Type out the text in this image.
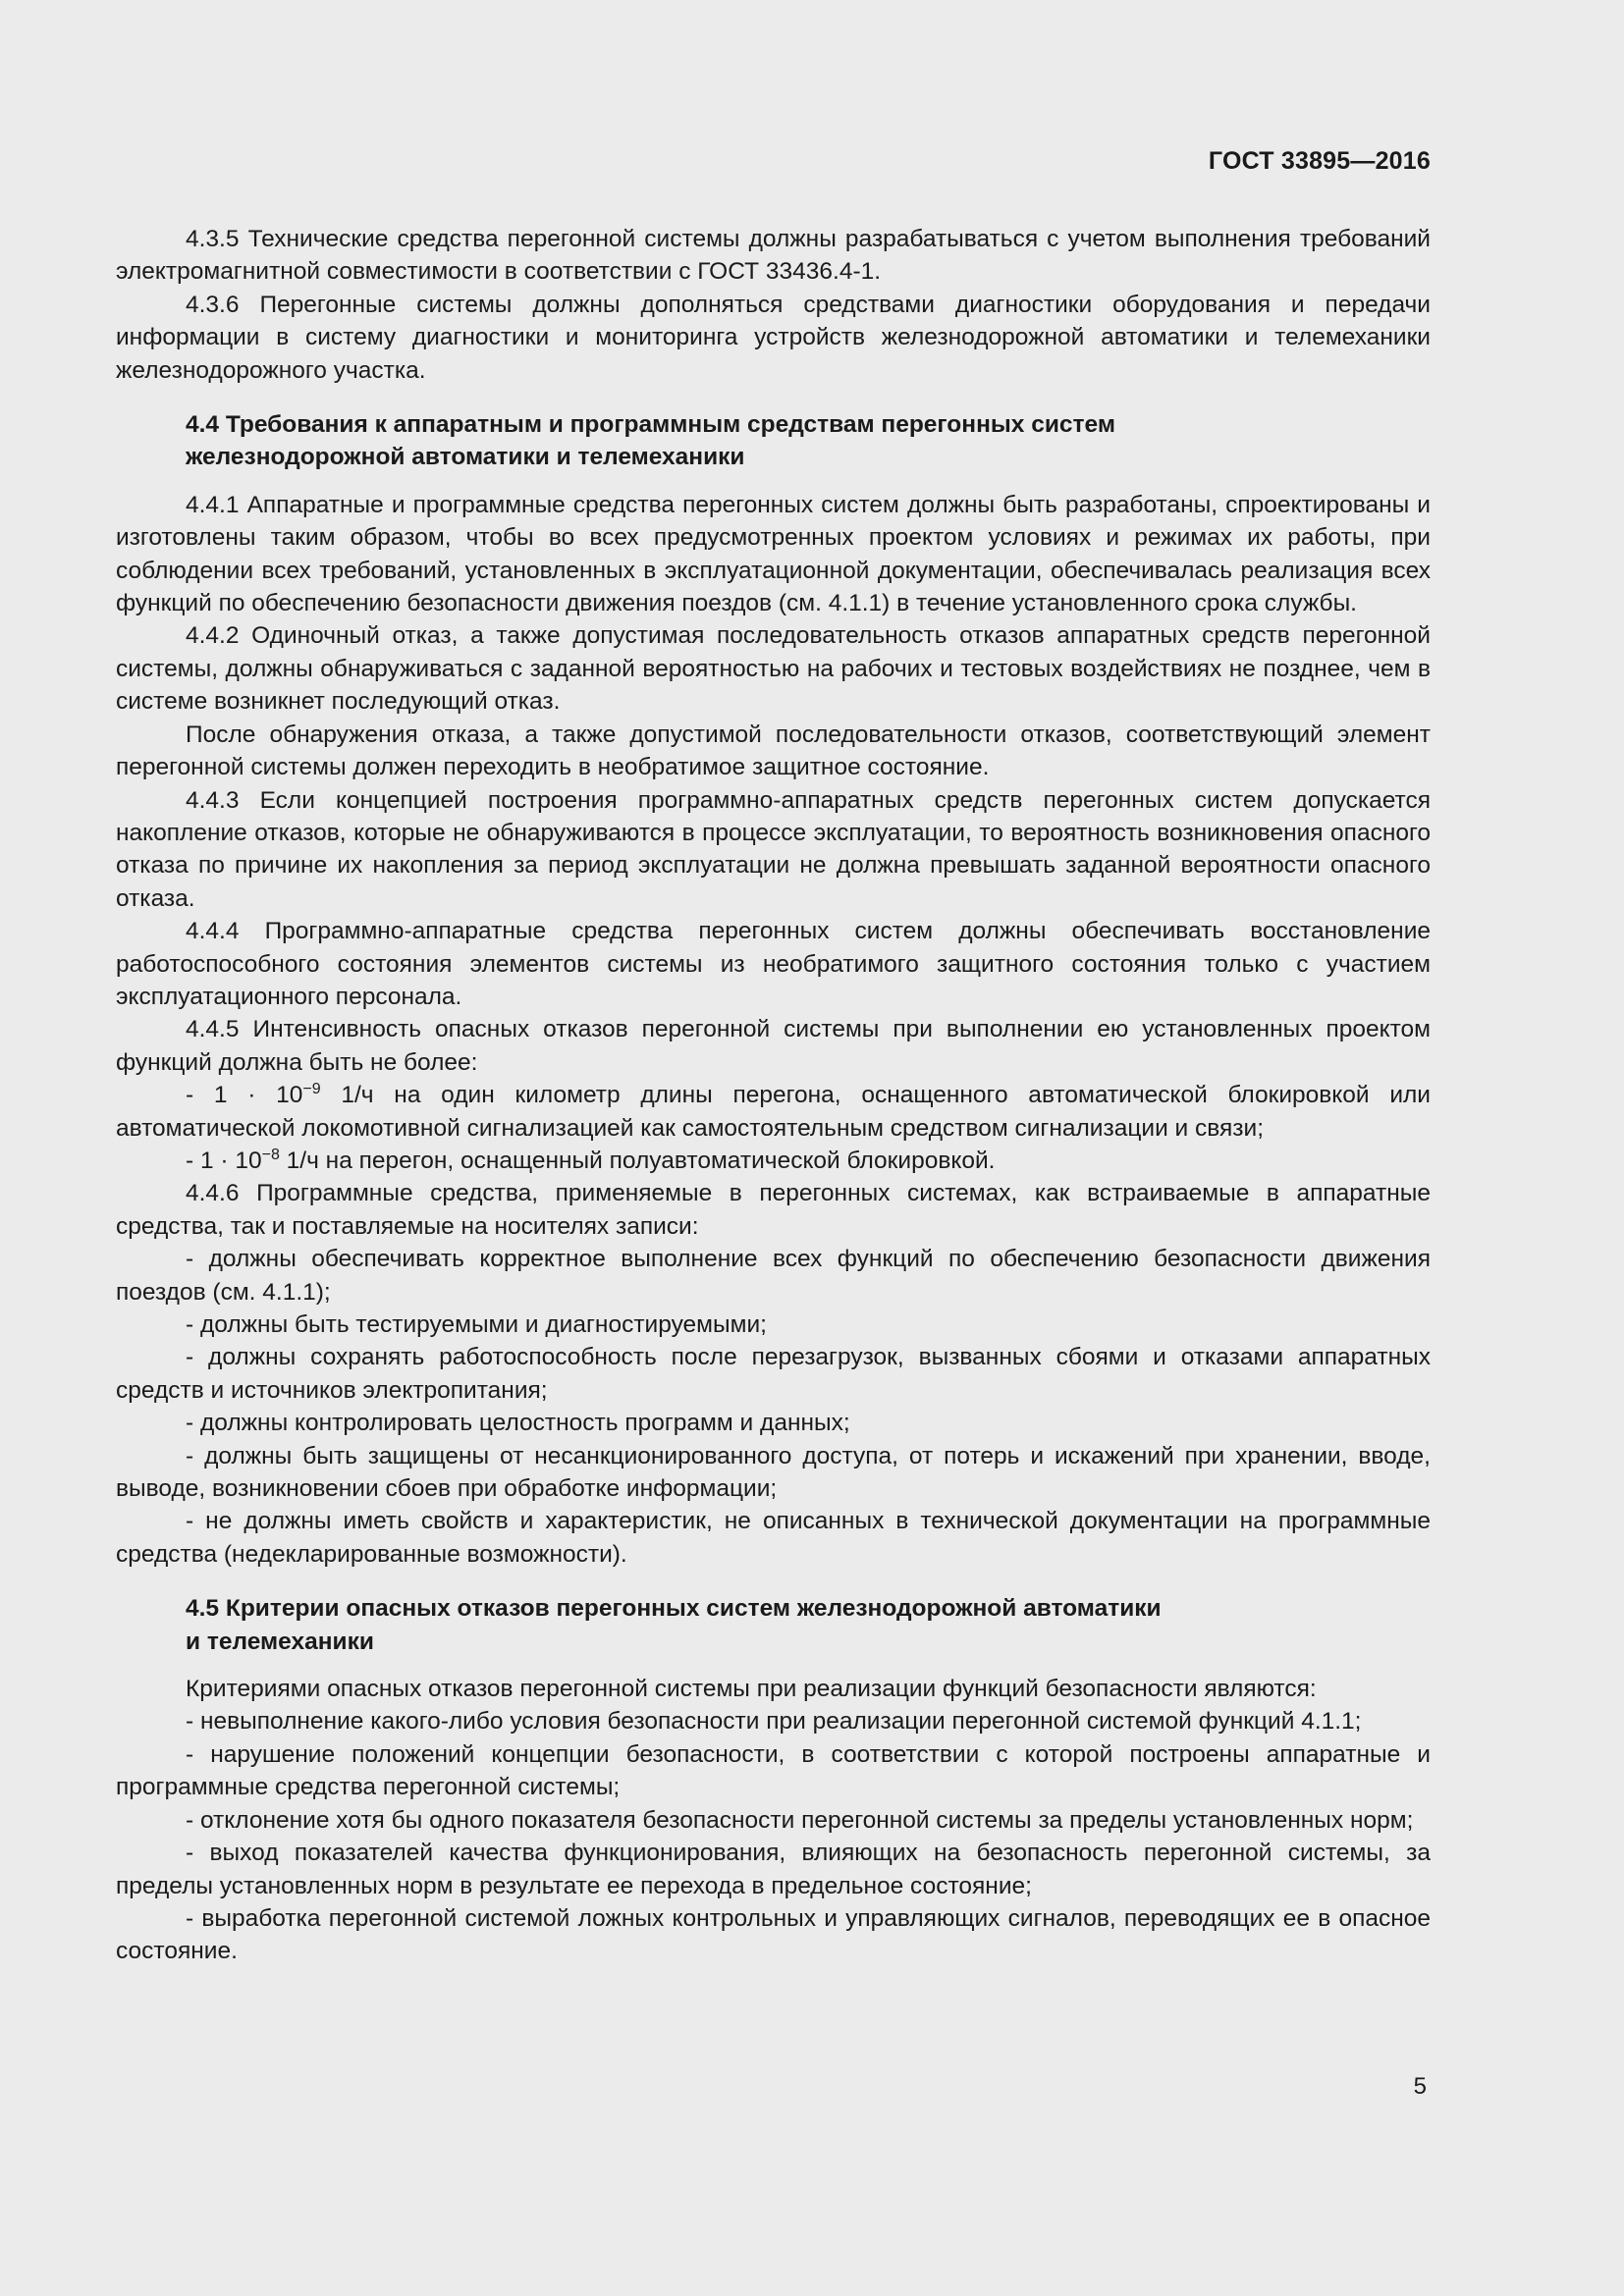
ГОСТ 33895—2016

4.3.5 Технические средства перегонной системы должны разрабатываться с учетом выполнения требований электромагнитной совместимости в соответствии с ГОСТ 33436.4-1.

4.3.6 Перегонные системы должны дополняться средствами диагностики оборудования и передачи информации в систему диагностики и мониторинга устройств железнодорожной автоматики и телемеханики железнодорожного участка.

4.4 Требования к аппаратным и программным средствам перегонных систем
железнодорожной автоматики и телемеханики

4.4.1 Аппаратные и программные средства перегонных систем должны быть разработаны, спроектированы и изготовлены таким образом, чтобы во всех предусмотренных проектом условиях и режимах их работы, при соблюдении всех требований, установленных в эксплуатационной документации, обеспечивалась реализация всех функций по обеспечению безопасности движения поездов (см. 4.1.1) в течение установленного срока службы.

4.4.2 Одиночный отказ, а также допустимая последовательность отказов аппаратных средств перегонной системы, должны обнаруживаться с заданной вероятностью на рабочих и тестовых воздействиях не позднее, чем в системе возникнет последующий отказ.

После обнаружения отказа, а также допустимой последовательности отказов, соответствующий элемент перегонной системы должен переходить в необратимое защитное состояние.

4.4.3 Если концепцией построения программно-аппаратных средств перегонных систем допускается накопление отказов, которые не обнаруживаются в процессе эксплуатации, то вероятность возникновения опасного отказа по причине их накопления за период эксплуатации не должна превышать заданной вероятности опасного отказа.

4.4.4 Программно-аппаратные средства перегонных систем должны обеспечивать восстановление работоспособного состояния элементов системы из необратимого защитного состояния только с участием эксплуатационного персонала.

4.4.5 Интенсивность опасных отказов перегонной системы при выполнении ею установленных проектом функций должна быть не более:

- $1 \cdot 10^{-9}$ 1/ч на один километр длины перегона, оснащенного автоматической блокировкой или автоматической локомотивной сигнализацией как самостоятельным средством сигнализации и связи;

- $1 \cdot 10^{-8}$ 1/ч на перегон, оснащенный полуавтоматической блокировкой.

4.4.6 Программные средства, применяемые в перегонных системах, как встраиваемые в аппаратные средства, так и поставляемые на носителях записи:

- должны обеспечивать корректное выполнение всех функций по обеспечению безопасности движения поездов (см. 4.1.1);

- должны быть тестируемыми и диагностируемыми;

- должны сохранять работоспособность после перезагрузок, вызванных сбоями и отказами аппаратных средств и источников электропитания;

- должны контролировать целостность программ и данных;

- должны быть защищены от несанкционированного доступа, от потерь и искажений при хранении, вводе, выводе, возникновении сбоев при обработке информации;

- не должны иметь свойств и характеристик, не описанных в технической документации на программные средства (недекларированные возможности).

4.5 Критерии опасных отказов перегонных систем железнодорожной автоматики
и телемеханики

Критериями опасных отказов перегонной системы при реализации функций безопасности являются:

- невыполнение какого-либо условия безопасности при реализации перегонной системой функций 4.1.1;

- нарушение положений концепции безопасности, в соответствии с которой построены аппаратные и программные средства перегонной системы;

- отклонение хотя бы одного показателя безопасности перегонной системы за пределы установленных норм;

- выход показателей качества функционирования, влияющих на безопасность перегонной системы, за пределы установленных норм в результате ее перехода в предельное состояние;

- выработка перегонной системой ложных контрольных и управляющих сигналов, переводящих ее в опасное состояние.

5
